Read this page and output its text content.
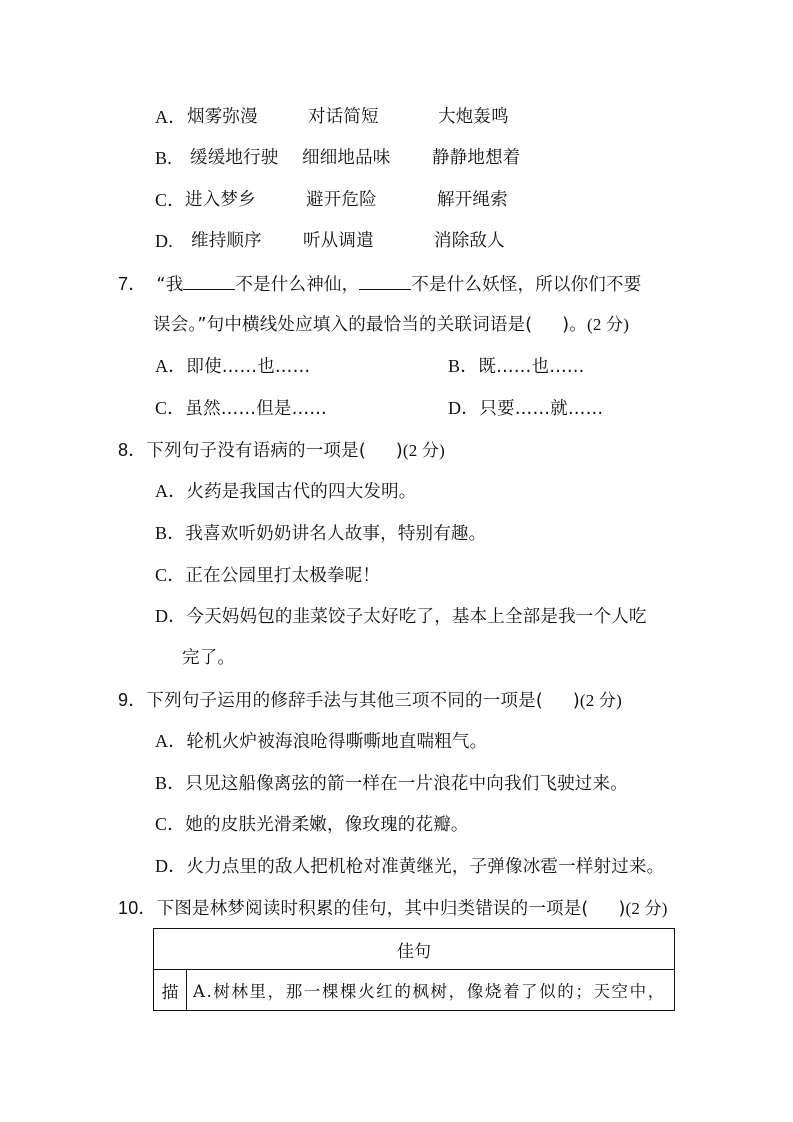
A． 烟雾弥漫	对话简短	大炮轰鸣
B. 缓缓地行驶 细细地品味 静静地想着
C． 进入梦乡	避开危险	解开绳索
D. 维持顺序 听从调遣	消除敌人
7． “我	不是什么神仙，	不是什么妖怪，所以你们不要
误会。”句中横线处应填入的最恰当的关联词语是( )。(2 分)
A．即使……也……	B．既……也……
C．虽然……但是……	D．只要……就……
8．下列句子没有语病的一项是( )(2 分)
A．火药是我国古代的四大发明。
B．我喜欢听奶奶讲名人故事，特别有趣。
C．正在公园里打太极拳呢！
D．今天妈妈包的韭菜饺子太好吃了，基本上全部是我一个人吃
完了。
9．下列句子运用的修辞手法与其他三项不同的一项是( )(2 分)
A．轮机火炉被海浪呛得嘶嘶地直喘粗气。
B．只见这船像离弦的箭一样在一片浪花中向我们飞驶过来。
C．她的皮肤光滑柔嫩，像玫瑰的花瓣。
D．火力点里的敌人把机枪对准黄继光，子弹像冰雹一样射过来。
10．下图是林梦阅读时积累的佳句，其中归类错误的一项是( )(2 分)
佳句
描	A.树林里，那一棵棵火红的枫树，像烧着了似的；天空中，
